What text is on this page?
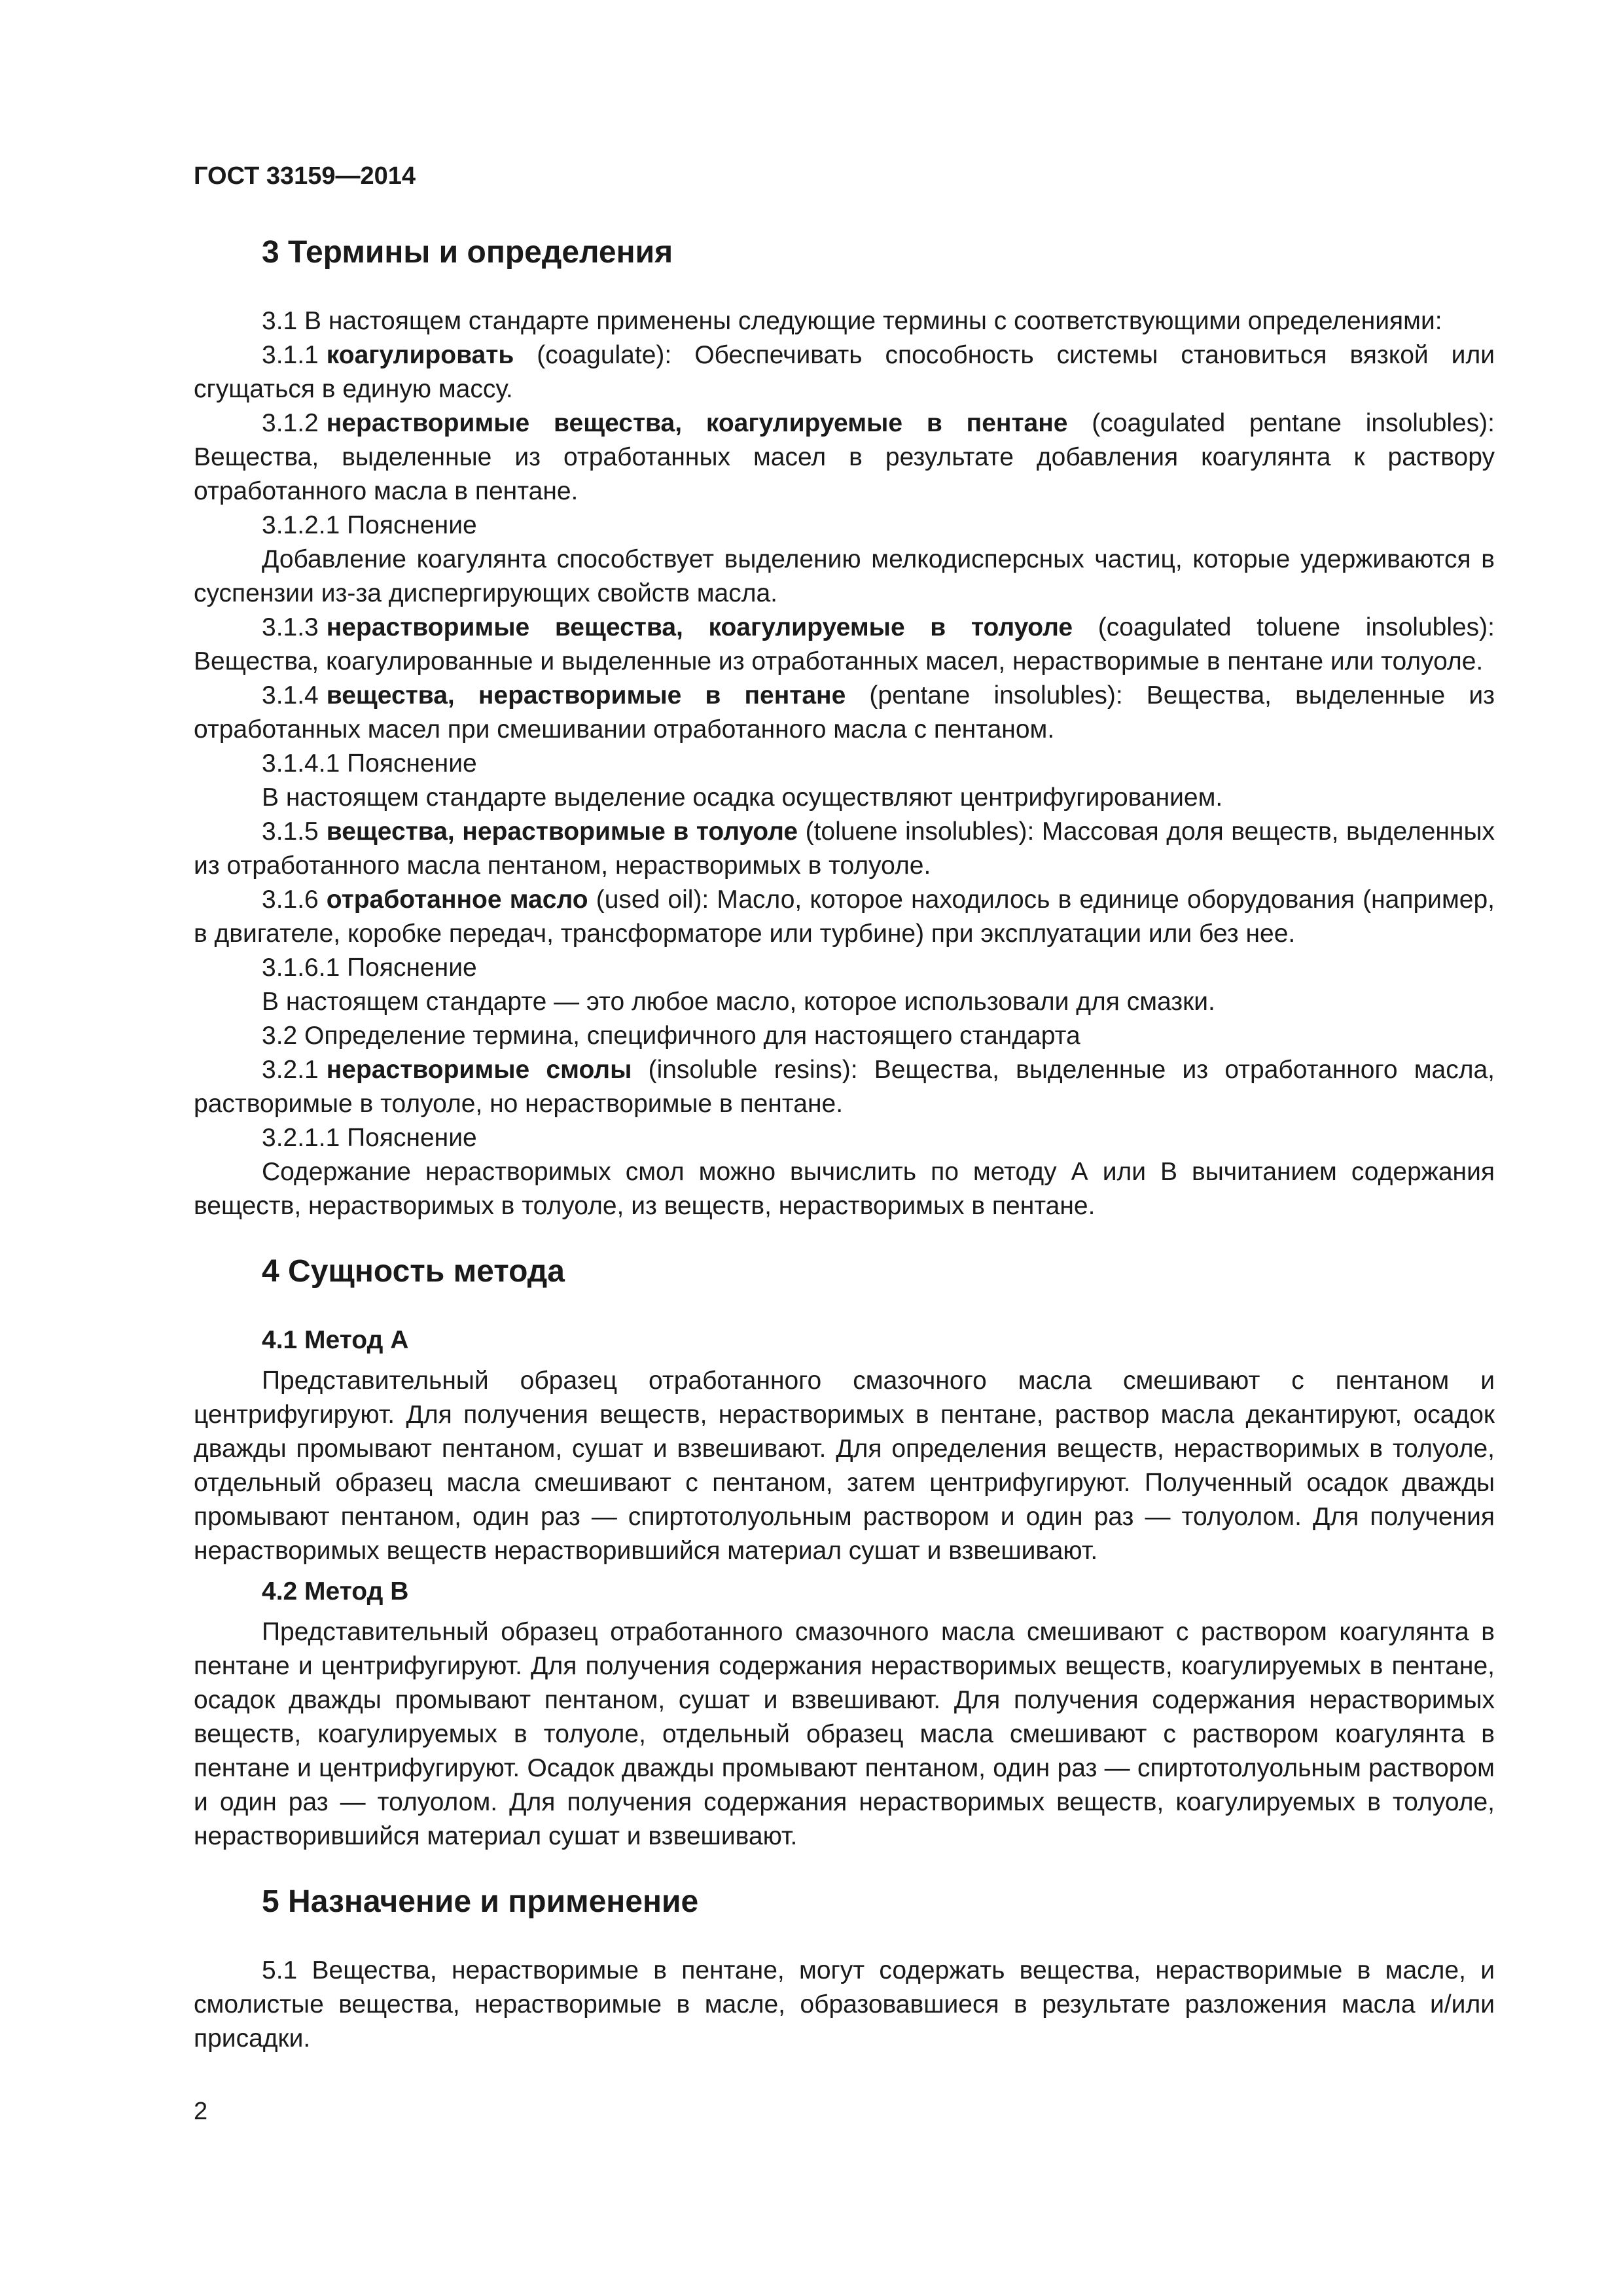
ГОСТ 33159—2014
3 Термины и определения

3.1 В настоящем стандарте применены следующие термины с соответствующими определениями:

3.1.1 коагулировать (coagulate): Обеспечивать способность системы становиться вязкой или сгущаться в единую массу.

3.1.2 нерастворимые вещества, коагулируемые в пентане (coagulated pentane insolubles): Вещества, выделенные из отработанных масел в результате добавления коагулянта к раствору отработанного масла в пентане.

3.1.2.1 Пояснение

Добавление коагулянта способствует выделению мелкодисперсных частиц, которые удерживаются в суспензии из-за диспергирующих свойств масла.

3.1.3 нерастворимые вещества, коагулируемые в толуоле (coagulated toluene insolubles): Вещества, коагулированные и выделенные из отработанных масел, нерастворимые в пентане или толуоле.

3.1.4 вещества, нерастворимые в пентане (pentane insolubles): Вещества, выделенные из отработанных масел при смешивании отработанного масла с пентаном.

3.1.4.1 Пояснение

В настоящем стандарте выделение осадка осуществляют центрифугированием.

3.1.5 вещества, нерастворимые в толуоле (toluene insolubles): Массовая доля веществ, выделенных из отработанного масла пентаном, нерастворимых в толуоле.

3.1.6 отработанное масло (used oil): Масло, которое находилось в единице оборудования (например, в двигателе, коробке передач, трансформаторе или турбине) при эксплуатации или без нее.

3.1.6.1 Пояснение

В настоящем стандарте — это любое масло, которое использовали для смазки.

3.2 Определение термина, специфичного для настоящего стандарта

3.2.1 нерастворимые смолы (insoluble resins): Вещества, выделенные из отработанного масла, растворимые в толуоле, но нерастворимые в пентане.

3.2.1.1 Пояснение

Содержание нерастворимых смол можно вычислить по методу А или В вычитанием содержания веществ, нерастворимых в толуоле, из веществ, нерастворимых в пентане.

4 Сущность метода
4.1 Метод А

Представительный образец отработанного смазочного масла смешивают с пентаном и центрифугируют. Для получения веществ, нерастворимых в пентане, раствор масла декантируют, осадок дважды промывают пентаном, сушат и взвешивают. Для определения веществ, нерастворимых в толуоле, отдельный образец масла смешивают с пентаном, затем центрифугируют. Полученный осадок дважды промывают пентаном, один раз — спиртотолуольным раствором и один раз — толуолом. Для получения нерастворимых веществ нерастворившийся материал сушат и взвешивают.

4.2 Метод В

Представительный образец отработанного смазочного масла смешивают с раствором коагулянта в пентане и центрифугируют. Для получения содержания нерастворимых веществ, коагулируемых в пентане, осадок дважды промывают пентаном, сушат и взвешивают. Для получения содержания нерастворимых веществ, коагулируемых в толуоле, отдельный образец масла смешивают с раствором коагулянта в пентане и центрифугируют. Осадок дважды промывают пентаном, один раз — спиртотолуольным раствором и один раз — толуолом. Для получения содержания нерастворимых веществ, коагулируемых в толуоле, нерастворившийся материал сушат и взвешивают.

5 Назначение и применение

5.1 Вещества, нерастворимые в пентане, могут содержать вещества, нерастворимые в масле, и смолистые вещества, нерастворимые в масле, образовавшиеся в результате разложения масла и/или присадки.

2
